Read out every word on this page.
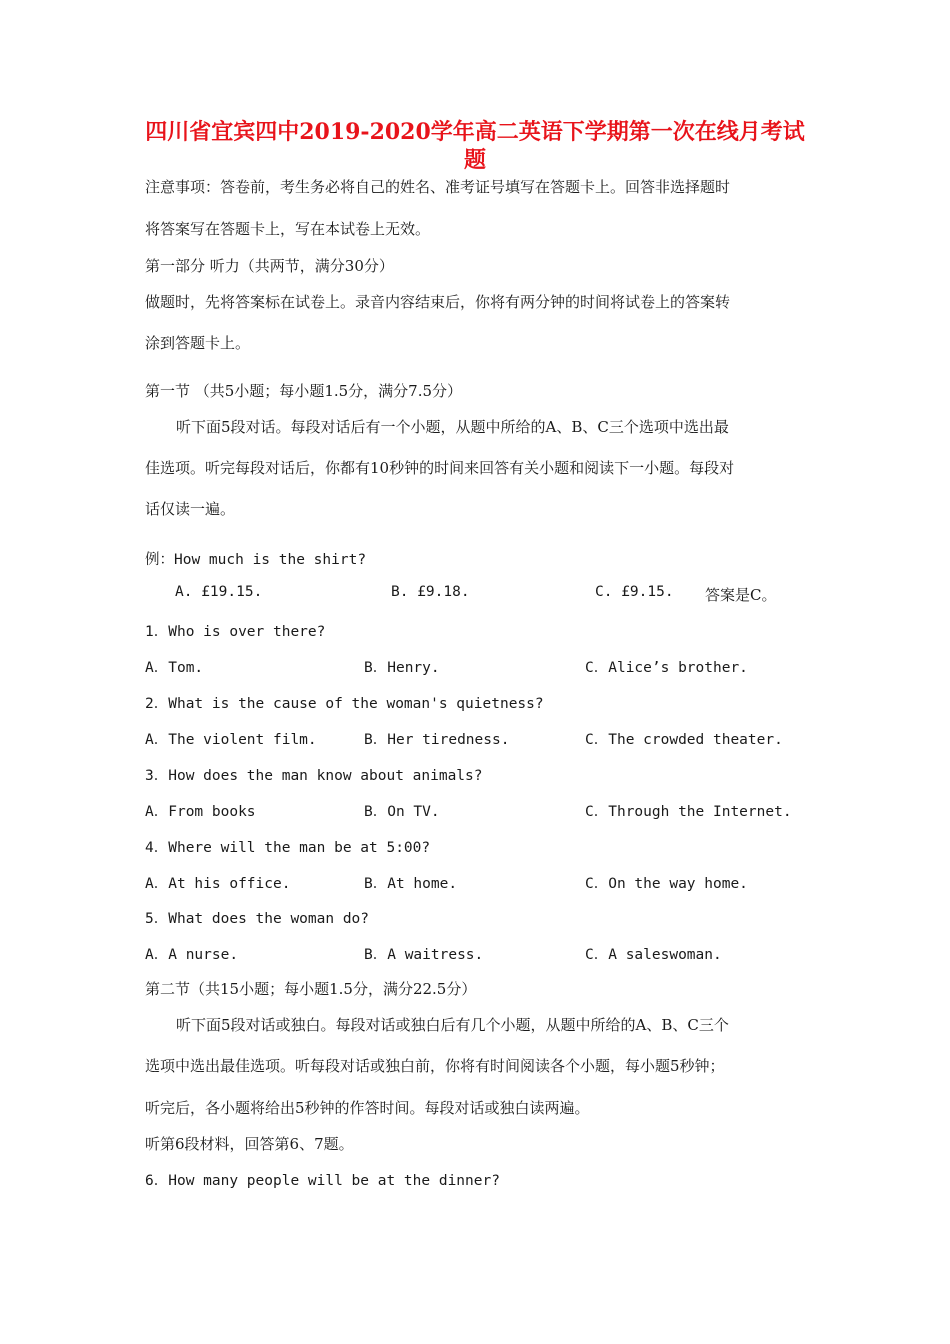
四川省宜宾四中2019-2020学年高二英语下学期第一次在线月考试
题
注意事项：答卷前，考生务必将自己的姓名、准考证号填写在答题卡上。回答非选择题时
将答案写在答题卡上，写在本试卷上无效。
第一部分 听力（共两节，满分30分）
做题时，先将答案标在试卷上。录音内容结束后，你将有两分钟的时间将试卷上的答案转
涂到答题卡上。
第一节 （共5小题；每小题1.5分，满分7.5分）
听下面5段对话。每段对话后有一个小题，从题中所给的A、B、C三个选项中选出最
佳选项。听完每段对话后，你都有10秒钟的时间来回答有关小题和阅读下一小题。每段对
话仅读一遍。
例：How much is the shirt?
A. £19.15.	B. £9.18.	C. £9.15. 答案是C。
1．Who is over there?
A．Tom.	B．Henry.	C．Alice’s brother.
2．What is the cause of the woman's quietness?
A．The violent film.	B．Her tiredness.	C．The crowded theater.
3．How does the man know about animals?
A．From books	B．On TV.	C．Through the Internet.
4．Where will the man be at 5:00?
A．At his office.	B．At home.	C．On the way home.
5．What does the woman do?
A．A nurse.	B．A waitress.	C．A saleswoman.
第二节（共15小题；每小题1.5分，满分22.5分）
听下面5段对话或独白。每段对话或独白后有几个小题，从题中所给的A、B、C三个
选项中选出最佳选项。听每段对话或独白前，你将有时间阅读各个小题，每小题5秒钟；
听完后，各小题将给出5秒钟的作答时间。每段对话或独白读两遍。
听第6段材料，回答第6、7题。
6．How many people will be at the dinner?
